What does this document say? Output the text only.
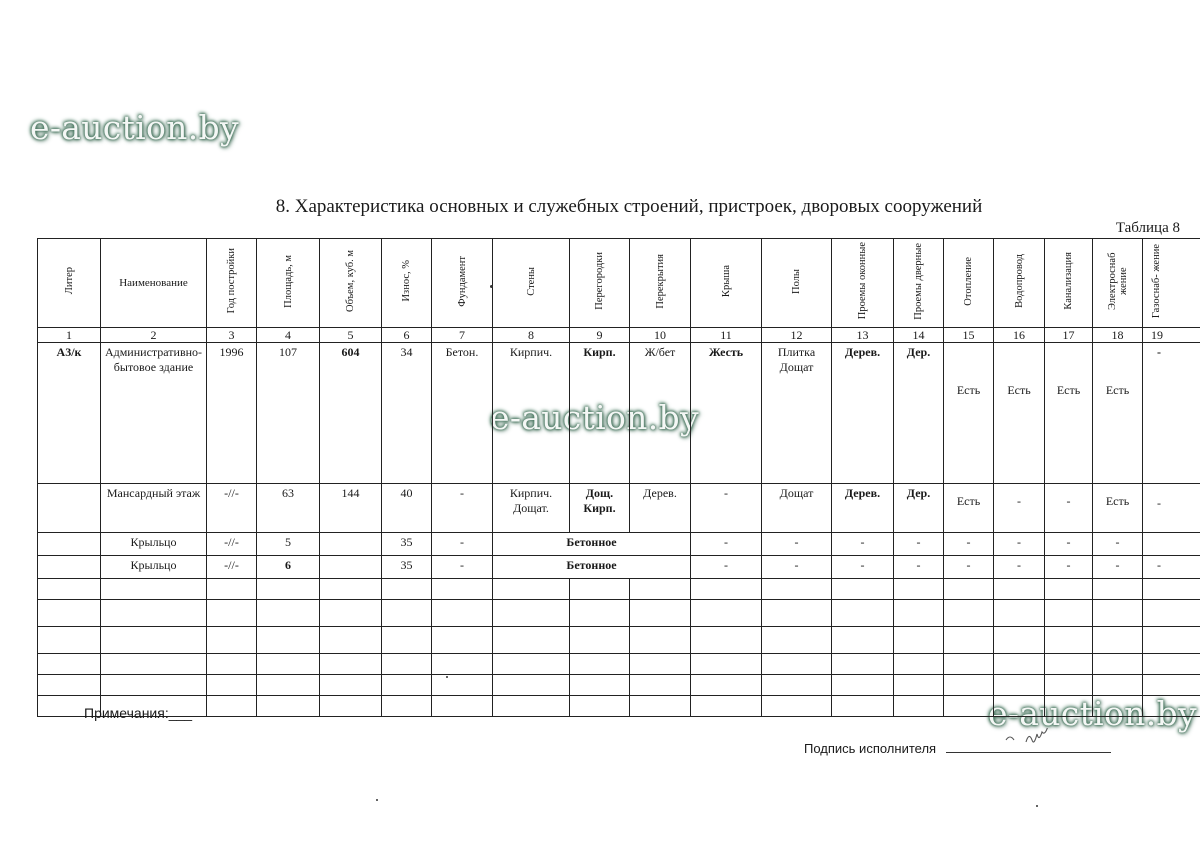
e-auction.by
e-auction.by
e-auction.by
8. Характеристика основных и служебных строений, пристроек, дворовых сооружений
Таблица 8
Литер	Наименование	Год постройки	Площадь, м	Объем, куб. м	Износ, %	Фундамент	Стены	Перегородки	Перекрытия	Крыша	Полы	Проемы оконные	Проемы дверные	Отопление	Водопровод	Канализация	Электроснаб жение	Газоснаб- жение
1	2	3	4	5	6	7	8	9	10	11	12	13	14	15	16	17	18	19
А3/к	Административно-бытовое здание	1996	107	604	34	Бетон.	Кирпич.	Кирп.	Ж/бет	Жесть	Плитка Дощат	Дерев.	Дер.	Есть	Есть	Есть	Есть	-
	Мансардный этаж	-//-	63	144	40	-	Кирпич. Дощат.	Дощ. Кирп.	Дерев.	-	Дощат	Дерев.	Дер.	Есть	-	-	Есть	-
	Крыльцо	-//-	5		35	-	Бетонное			-	-	-	-	-	-	-	-	
	Крыльцо	-//-	6		35	-	Бетонное			-	-	-	-	-	-	-	-	-

Примечания:___
Подпись исполнителя
